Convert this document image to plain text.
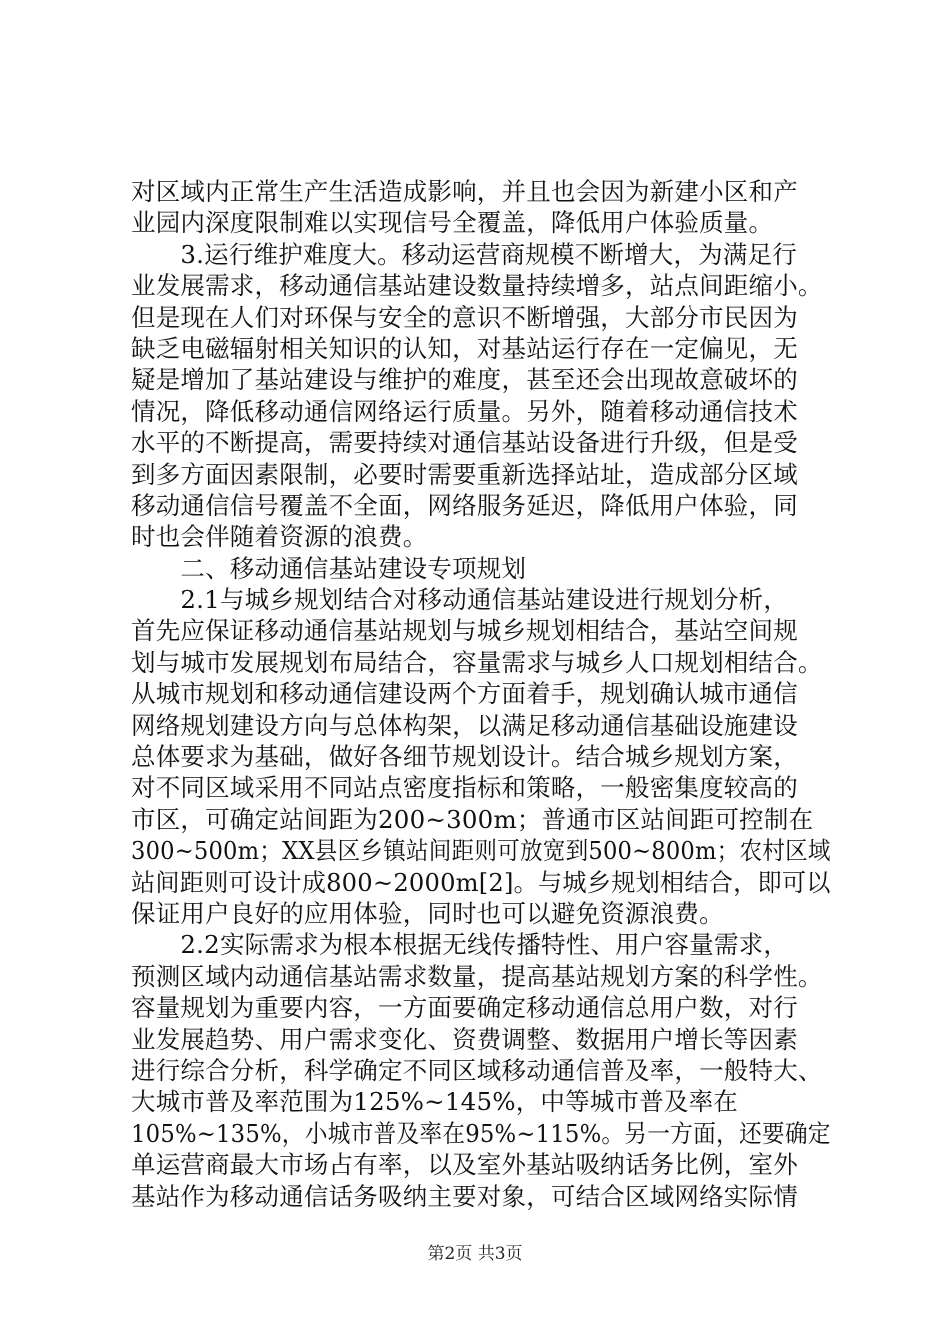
对区域内正常生产生活造成影响，并且也会因为新建小区和产
业园内深度限制难以实现信号全覆盖，降低用户体验质量。
　　3.运行维护难度大。移动运营商规模不断增大，为满足行
业发展需求，移动通信基站建设数量持续增多，站点间距缩小。
但是现在人们对环保与安全的意识不断增强，大部分市民因为
缺乏电磁辐射相关知识的认知，对基站运行存在一定偏见，无
疑是增加了基站建设与维护的难度，甚至还会出现故意破坏的
情况，降低移动通信网络运行质量。另外，随着移动通信技术
水平的不断提高，需要持续对通信基站设备进行升级，但是受
到多方面因素限制，必要时需要重新选择站址，造成部分区域
移动通信信号覆盖不全面，网络服务延迟，降低用户体验，同
时也会伴随着资源的浪费。
　　二、移动通信基站建设专项规划
　　2.1与城乡规划结合对移动通信基站建设进行规划分析，
首先应保证移动通信基站规划与城乡规划相结合，基站空间规
划与城市发展规划布局结合，容量需求与城乡人口规划相结合。
从城市规划和移动通信建设两个方面着手，规划确认城市通信
网络规划建设方向与总体构架，以满足移动通信基础设施建设
总体要求为基础，做好各细节规划设计。结合城乡规划方案，
对不同区域采用不同站点密度指标和策略，一般密集度较高的
市区，可确定站间距为200~300m；普通市区站间距可控制在
300~500m；XX县区乡镇站间距则可放宽到500~800m；农村区域
站间距则可设计成800~2000m[2]。与城乡规划相结合，即可以
保证用户良好的应用体验，同时也可以避免资源浪费。
　　2.2实际需求为根本根据无线传播特性、用户容量需求，
预测区域内动通信基站需求数量，提高基站规划方案的科学性。
容量规划为重要内容，一方面要确定移动通信总用户数，对行
业发展趋势、用户需求变化、资费调整、数据用户增长等因素
进行综合分析，科学确定不同区域移动通信普及率，一般特大、
大城市普及率范围为125%~145%，中等城市普及率在
105%~135%，小城市普及率在95%~115%。另一方面，还要确定
单运营商最大市场占有率，以及室外基站吸纳话务比例，室外
基站作为移动通信话务吸纳主要对象，可结合区域网络实际情
第2页 共3页
